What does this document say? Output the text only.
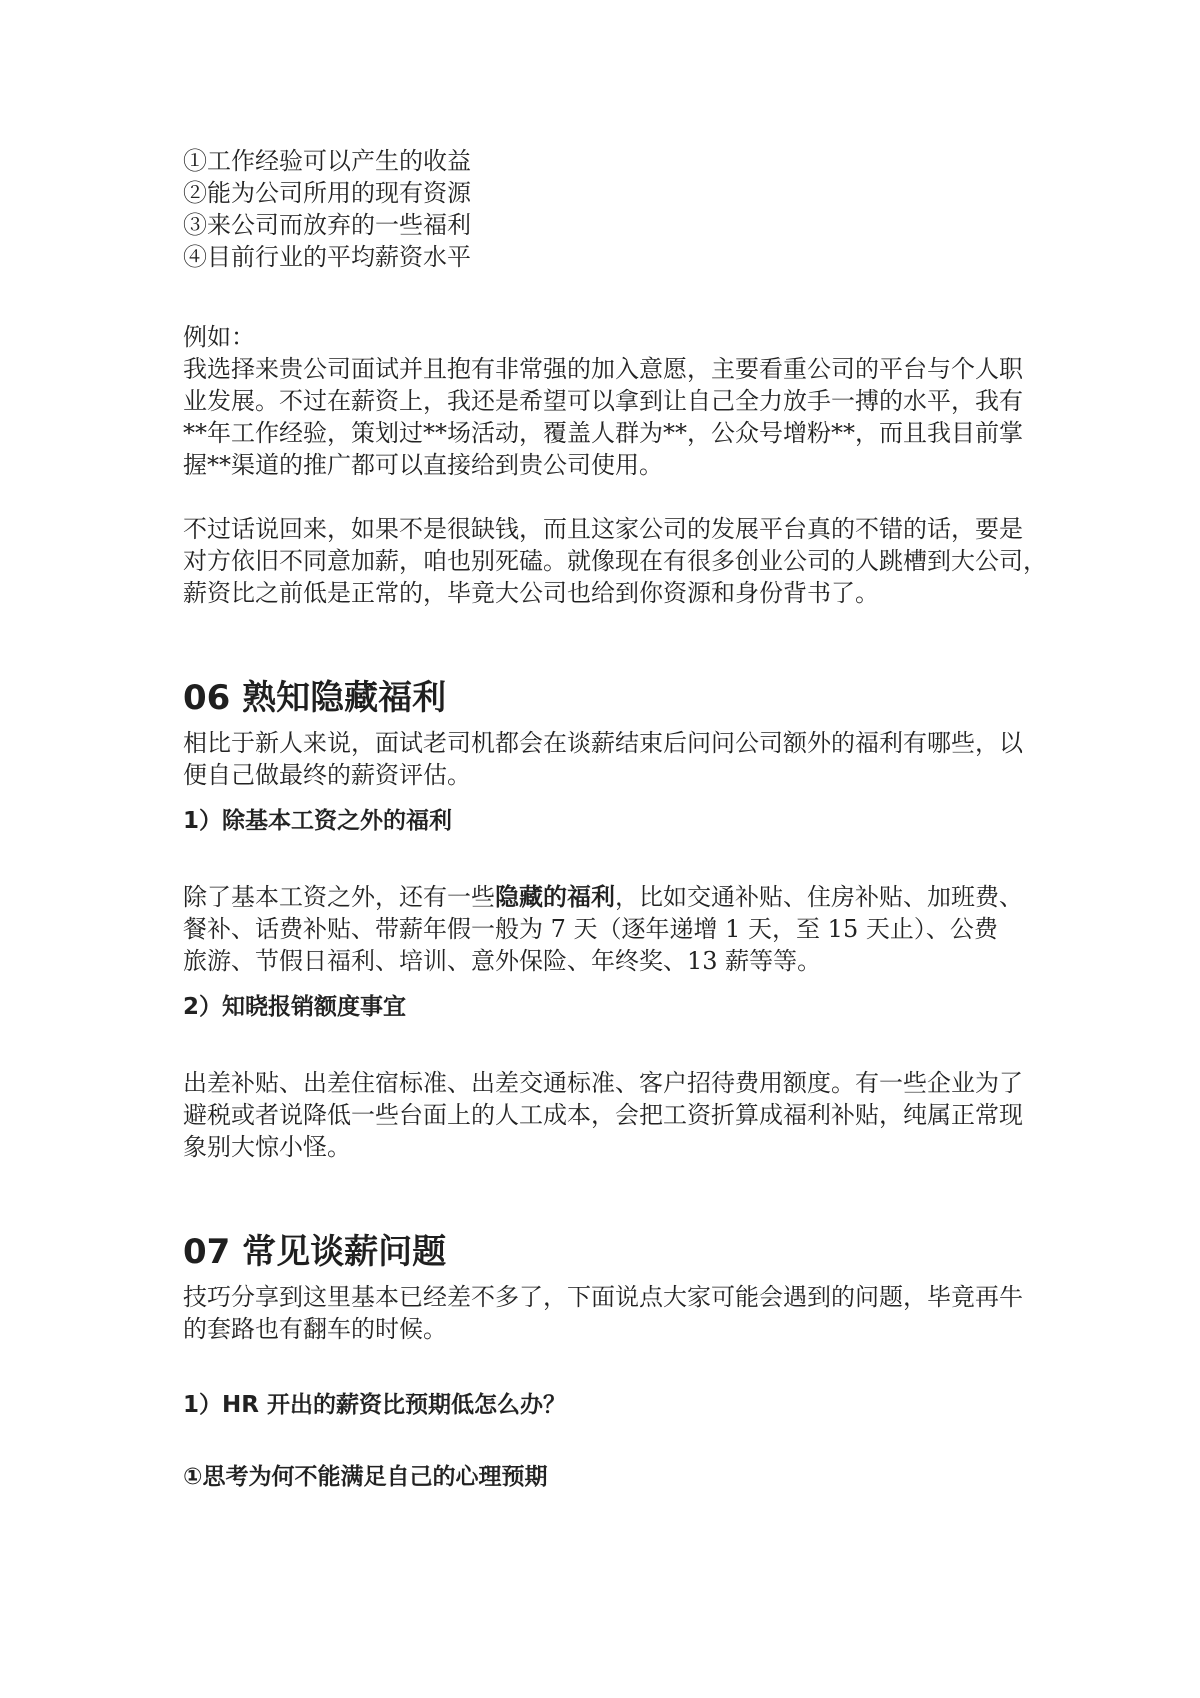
①工作经验可以产生的收益

②能为公司所用的现有资源

③来公司而放弃的一些福利

④目前行业的平均薪资水平

例如：

我选择来贵公司面试并且抱有非常强的加入意愿，主要看重公司的平台与个人职

业发展。不过在薪资上，我还是希望可以拿到让自己全力放手一搏的水平，我有

**年工作经验，策划过**场活动，覆盖人群为**，公众号增粉**，而且我目前掌

握**渠道的推广都可以直接给到贵公司使用。

不过话说回来，如果不是很缺钱，而且这家公司的发展平台真的不错的话，要是

对方依旧不同意加薪，咱也别死磕。就像现在有很多创业公司的人跳槽到大公司，

薪资比之前低是正常的，毕竟大公司也给到你资源和身份背书了。

06 熟知隐藏福利

相比于新人来说，面试老司机都会在谈薪结束后问问公司额外的福利有哪些，以

便自己做最终的薪资评估。

1）除基本工资之外的福利

除了基本工资之外，还有一些隐藏的福利，比如交通补贴、住房补贴、加班费、

餐补、话费补贴、带薪年假一般为 7 天（逐年递增 1 天，至 15 天止）、公费

旅游、节假日福利、培训、意外保险、年终奖、13 薪等等。

2）知晓报销额度事宜

出差补贴、出差住宿标准、出差交通标准、客户招待费用额度。有一些企业为了

避税或者说降低一些台面上的人工成本，会把工资折算成福利补贴，纯属正常现

象别大惊小怪。

07 常见谈薪问题

技巧分享到这里基本已经差不多了，下面说点大家可能会遇到的问题，毕竟再牛

的套路也有翻车的时候。

1）HR 开出的薪资比预期低怎么办？
①思考为何不能满足自己的心理预期
